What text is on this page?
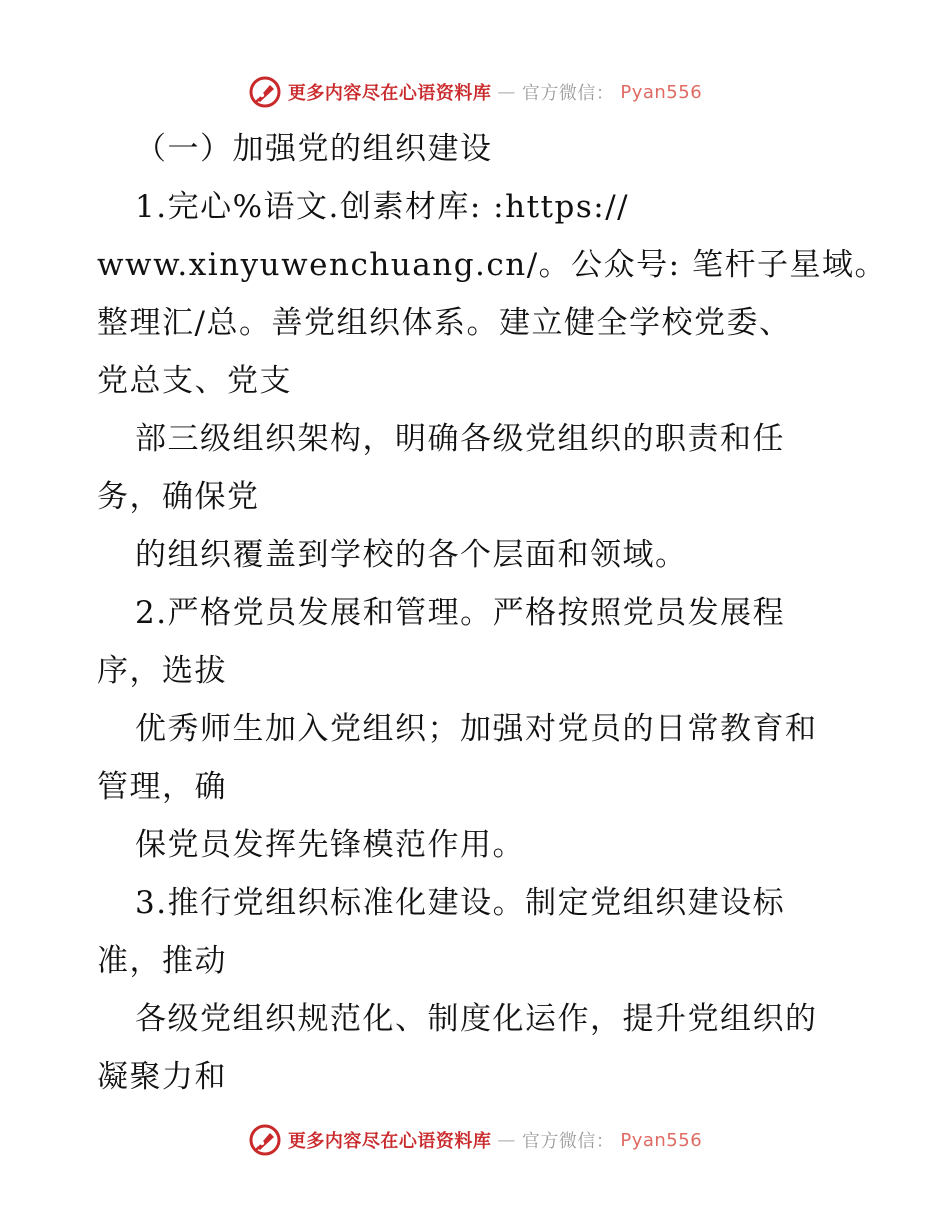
更多内容尽在心语资料库 — 官方微信： Pyan556
（一）加强党的组织建设
1.完心%语文.创素材库: :https://
www.xinyuwenchuang.cn/。公众号: 笔杆子星域。
整理汇/总。善党组织体系。建立健全学校党委、
党总支、党支
部三级组织架构，明确各级党组织的职责和任
务，确保党
的组织覆盖到学校的各个层面和领域。
2.严格党员发展和管理。严格按照党员发展程
序，选拔
优秀师生加入党组织；加强对党员的日常教育和
管理，确
保党员发挥先锋模范作用。
3.推行党组织标准化建设。制定党组织建设标
准，推动
各级党组织规范化、制度化运作，提升党组织的
凝聚力和
更多内容尽在心语资料库 — 官方微信： Pyan556
